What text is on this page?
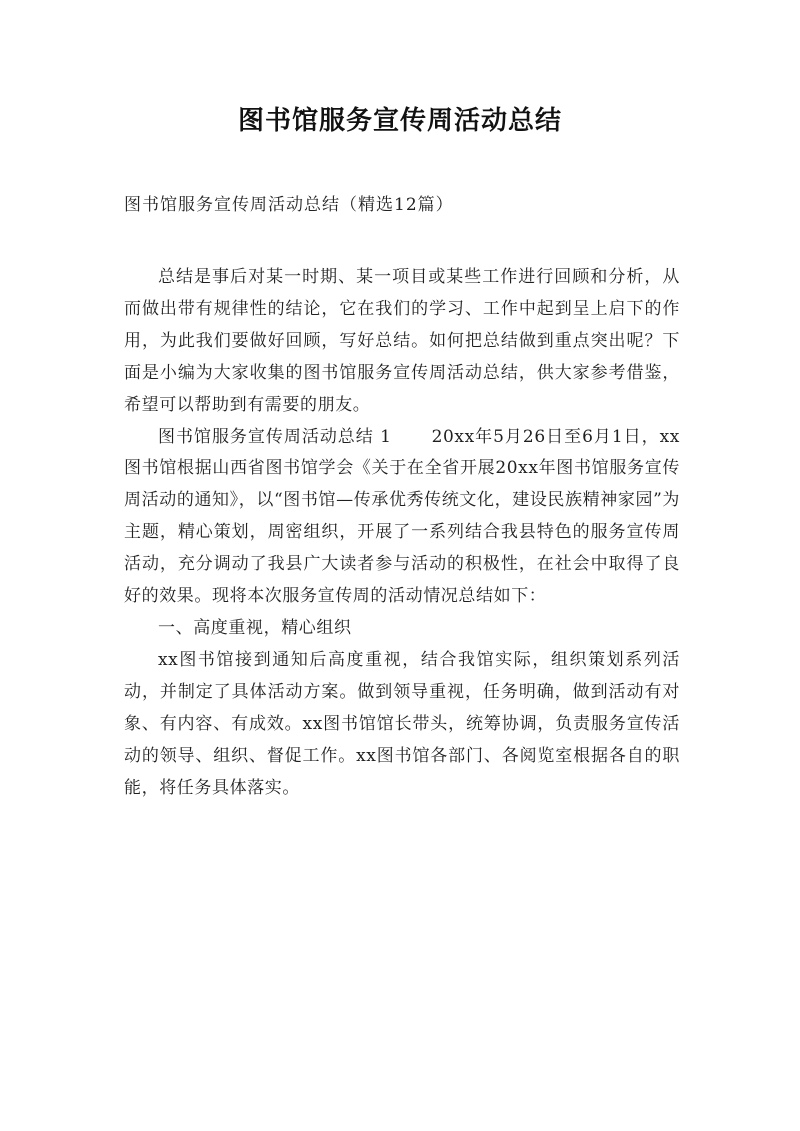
图书馆服务宣传周活动总结

图书馆服务宣传周活动总结（精选12篇）

总结是事后对某一时期、某一项目或某些工作进行回顾和分析，从而做出带有规律性的结论，它在我们的学习、工作中起到呈上启下的作用，为此我们要做好回顾，写好总结。如何把总结做到重点突出呢？下面是小编为大家收集的图书馆服务宣传周活动总结，供大家参考借鉴，希望可以帮助到有需要的朋友。

图书馆服务宣传周活动总结 1 20xx年5月26日至6月1日，xx图书馆根据山西省图书馆学会《关于在全省开展20xx年图书馆服务宣传周活动的通知》，以“图书馆—传承优秀传统文化，建设民族精神家园”为主题，精心策划，周密组织，开展了一系列结合我县特色的服务宣传周活动，充分调动了我县广大读者参与活动的积极性，在社会中取得了良好的效果。现将本次服务宣传周的活动情况总结如下：

一、高度重视，精心组织

xx图书馆接到通知后高度重视，结合我馆实际，组织策划系列活动，并制定了具体活动方案。做到领导重视，任务明确，做到活动有对象、有内容、有成效。xx图书馆馆长带头，统筹协调，负责服务宣传活动的领导、组织、督促工作。xx图书馆各部门、各阅览室根据各自的职能，将任务具体落实。
